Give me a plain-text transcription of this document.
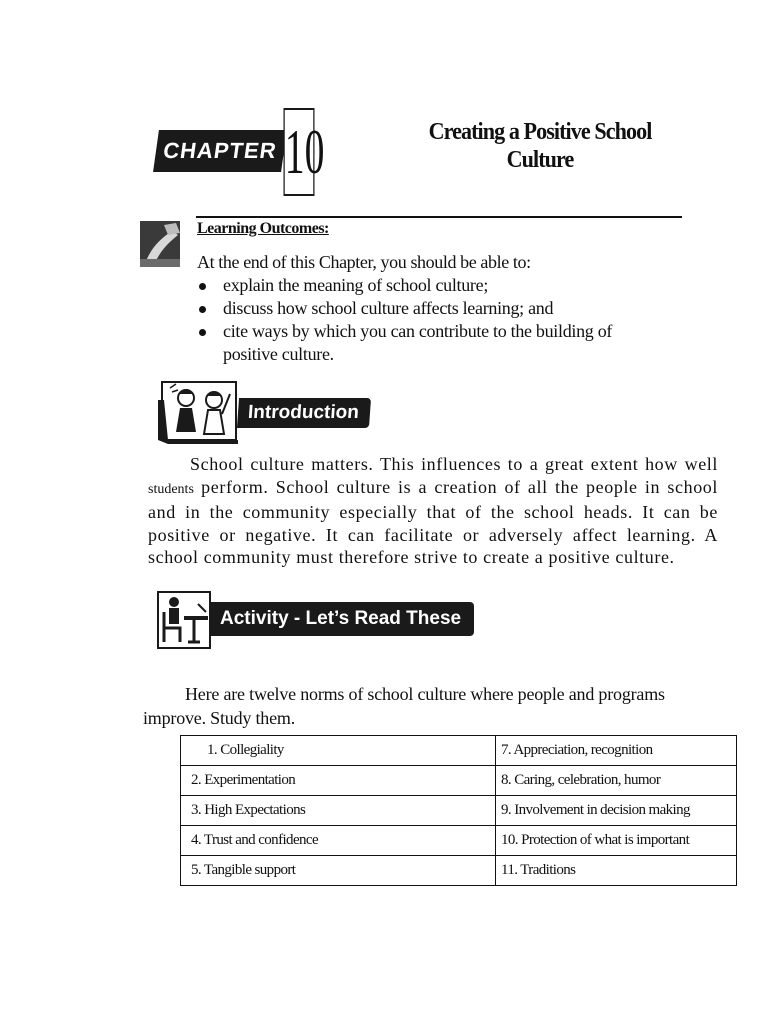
CHAPTER 10	Creating a Positive School
Culture
Learning Outcomes:
At the end of this Chapter, you should be able to:
explain the meaning of school culture;
discuss how school culture affects learning; and
cite ways by which you can contribute to the building of positive culture.
Introduction
School culture matters. This influences to a great extent how well students perform. School culture is a creation of all the people in school and in the community especially that of the school heads. It can be positive or negative. It can facilitate or adversely affect learning. A school community must therefore strive to create a positive culture.
Activity - Let’s Read These
Here are twelve norms of school culture where people and programs improve. Study them.
1. Collegiality	7. Appreciation, recognition
2. Experimentation	8. Caring, celebration, humor
3. High Expectations	9. Involvement in decision making
4. Trust and confidence	10. Protection of what is important
5. Tangible support	11. Traditions
